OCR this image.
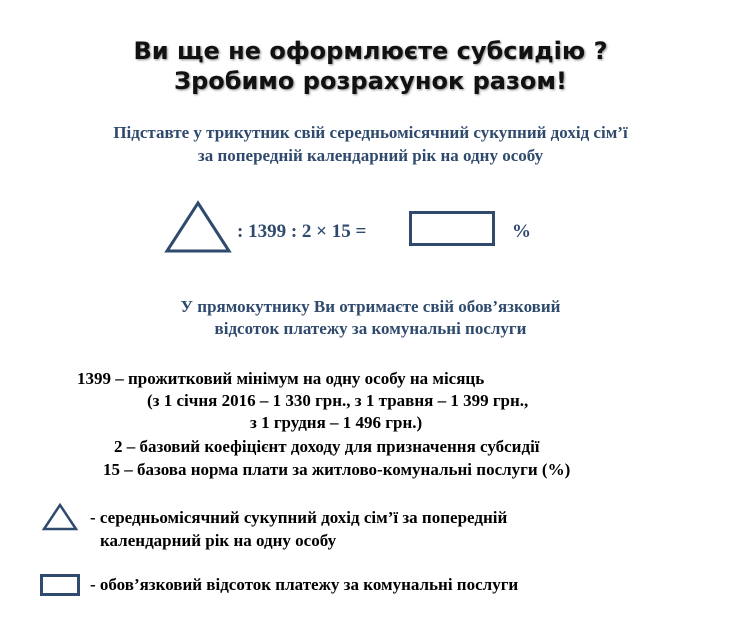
Ви ще не оформлюєте субсидію ?
Зробимо розрахунок разом!
Підставте у трикутник свій середньомісячний сукупний дохід сім’ї
за попередній календарний рік на одну особу
: 1399 : 2 × 15 =	%
У прямокутнику Ви отримаєте свій обов’язковий
відсоток платежу за комунальні послуги
1399 – прожитковий мінімум на одну особу на місяць
(з 1 січня 2016 – 1 330 грн., з 1 травня – 1 399 грн.,
з 1 грудня – 1 496 грн.)
2 – базовий коефіцієнт доходу для призначення субсидії
15 – базова норма плати за житлово-комунальні послуги (%)
- середньомісячний сукупний дохід сім’ї за попередній
календарний рік на одну особу
- обов’язковий відсоток платежу за комунальні послуги
